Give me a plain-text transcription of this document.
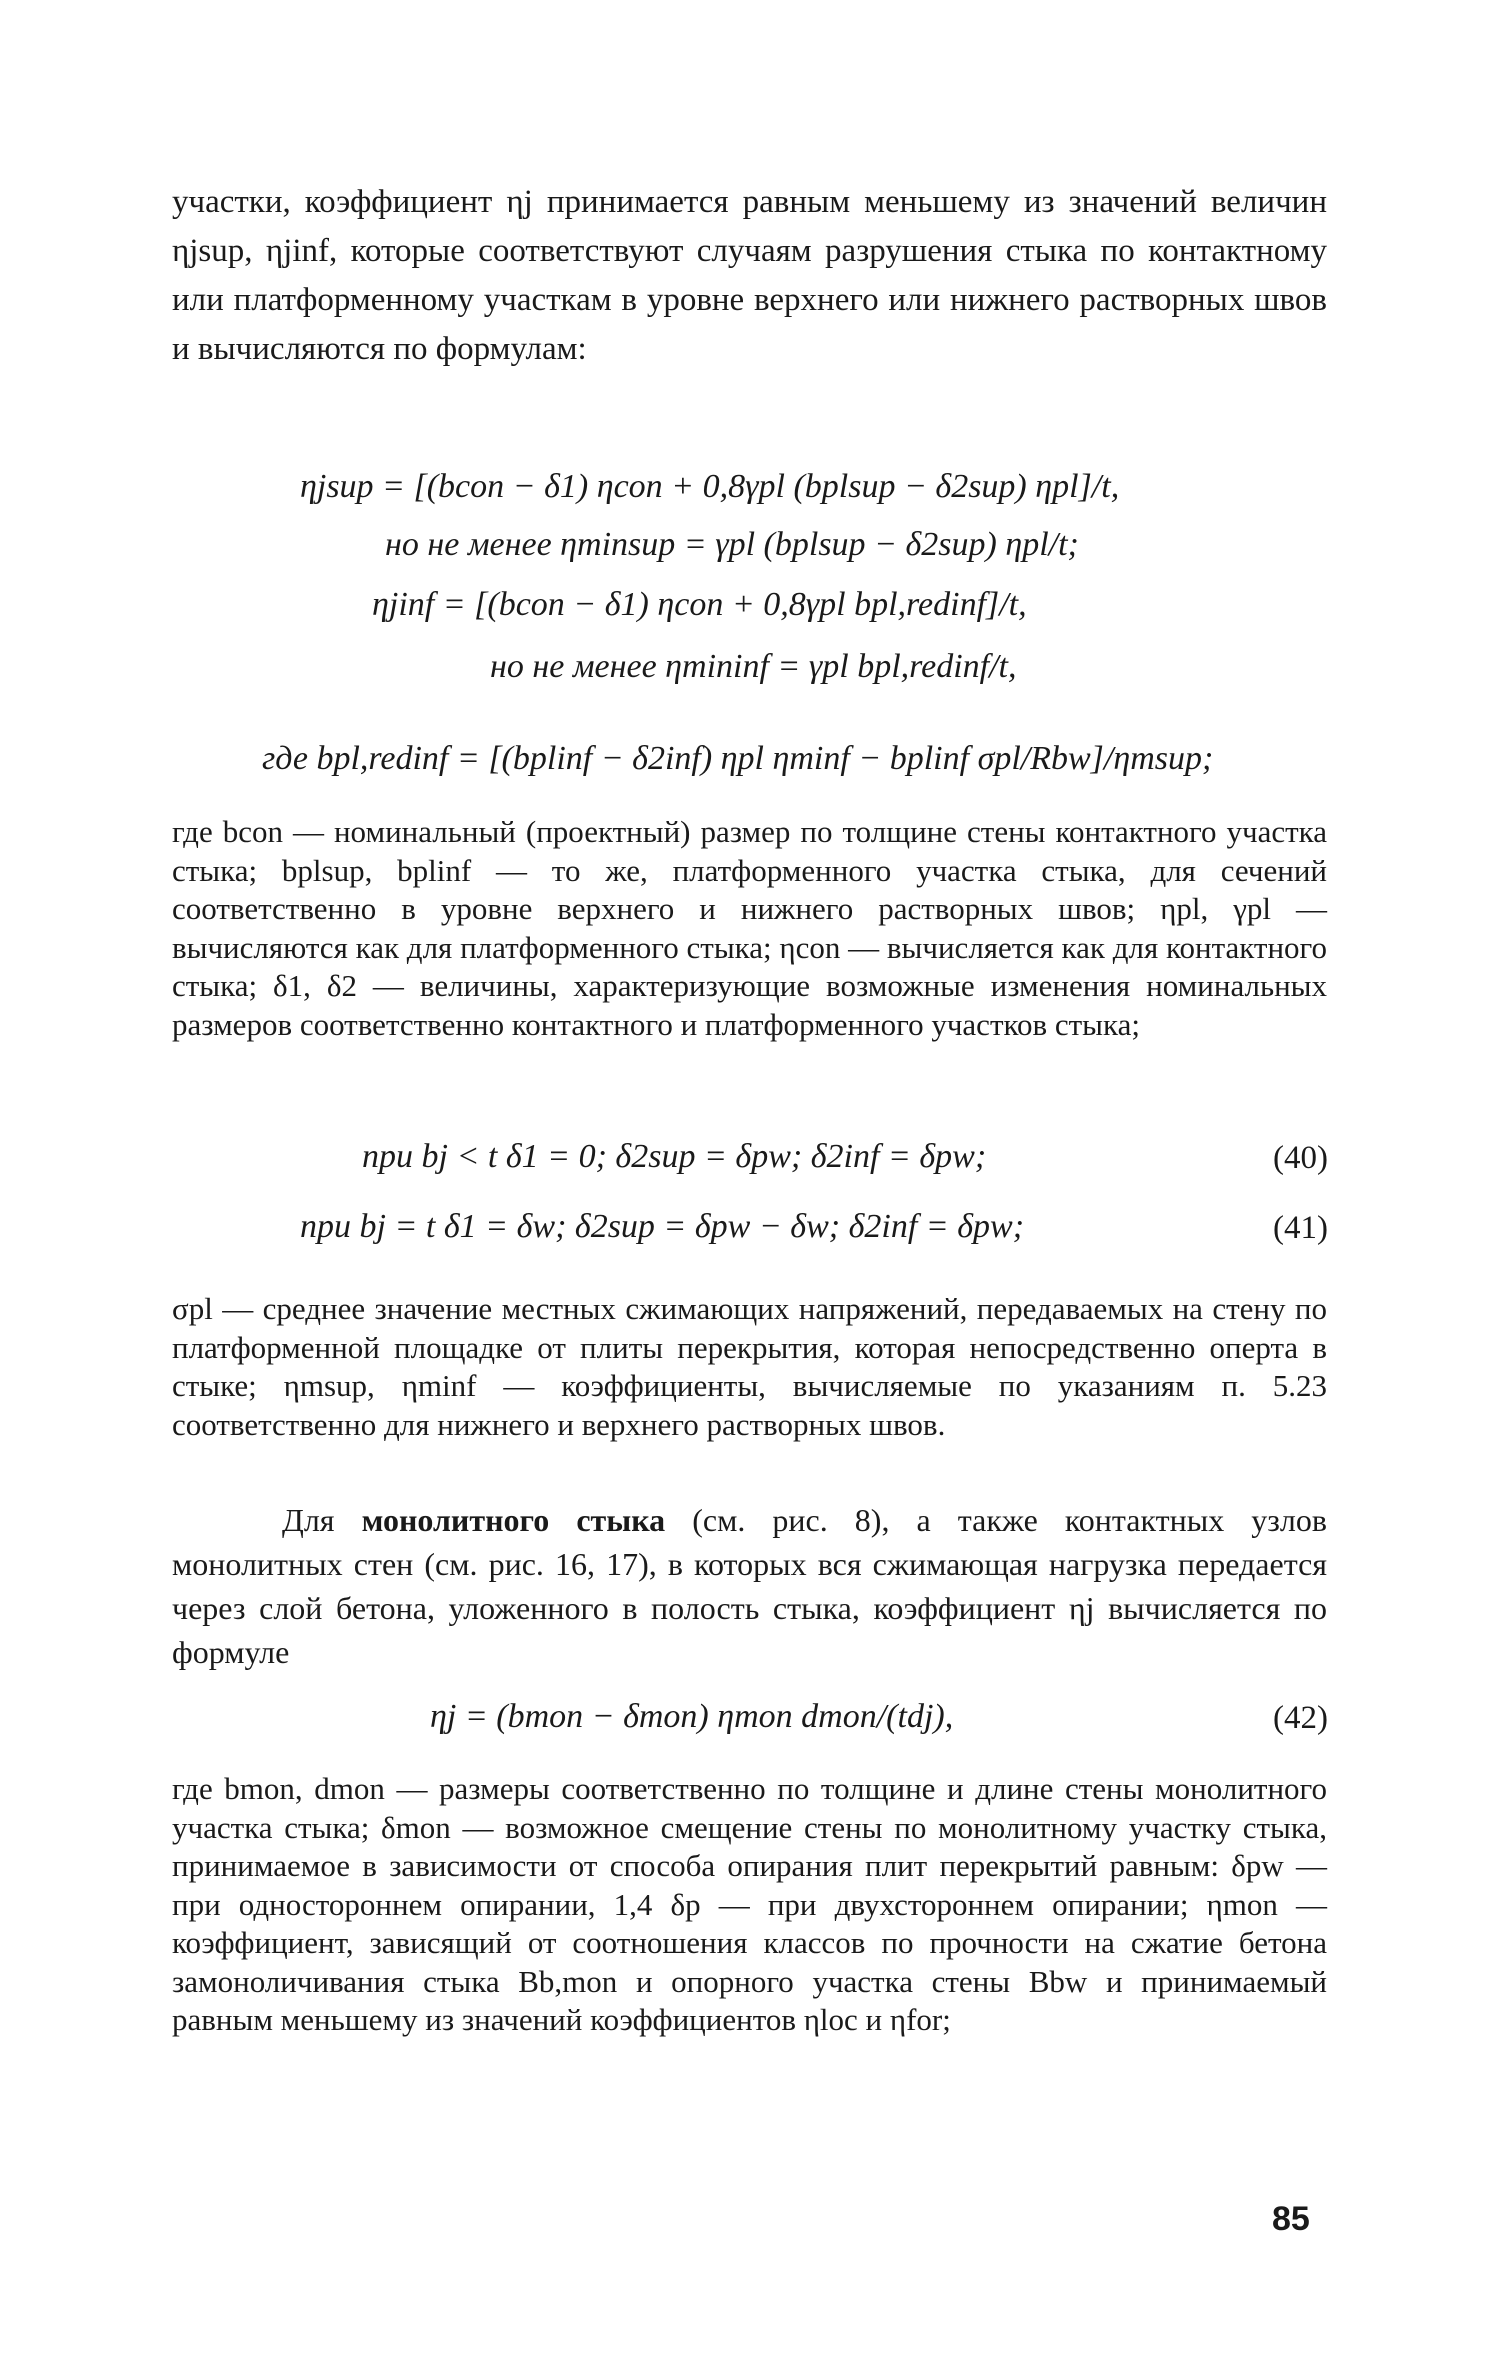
участки, коэффициент ηj принимается равным меньшему из значений величин ηjsup, ηjinf, которые соответствуют случаям разрушения стыка по контактному или платформенному участкам в уровне верхнего или нижнего растворных швов и вычисляются по формулам:
ηjsup = [(bcon − δ1) ηcon + 0,8γpl (bplsup − δ2sup) ηpl]/t,
но не менее ηminsup = γpl (bplsup − δ2sup) ηpl/t;
ηjinf = [(bcon − δ1) ηcon + 0,8γpl bpl,redinf]/t,
но не менее ηmininf = γpl bpl,redinf/t,
где bpl,redinf = [(bplinf − δ2inf) ηpl ηminf − bplinf σpl/Rbw]/ηmsup;
где bcon — номинальный (проектный) размер по толщине стены контактного участка стыка; bplsup, bplinf — то же, платформенного участка стыка, для сечений соответственно в уровне верхнего и нижнего растворных швов; ηpl, γpl — вычисляются как для платформенного стыка; ηcon — вычисляется как для контактного стыка; δ1, δ2 — величины, характеризующие возможные изменения номинальных размеров соответственно контактного и платформенного участков стыка;
при bj < t δ1 = 0; δ2sup = δpw; δ2inf = δpw;	(40)
при bj = t δ1 = δw; δ2sup = δpw − δw; δ2inf = δpw;	(41)
σpl — среднее значение местных сжимающих напряжений, передаваемых на стену по платформенной площадке от плиты перекрытия, которая непосредственно оперта в стыке; ηmsup, ηminf — коэффициенты, вычисляемые по указаниям п. 5.23 соответственно для нижнего и верхнего растворных швов.
Для монолитного стыка (см. рис. 8), а также контактных узлов монолитных стен (см. рис. 16, 17), в которых вся сжимающая нагрузка передается через слой бетона, уложенного в полость стыка, коэффициент ηj вычисляется по формуле
ηj = (bmon − δmon) ηmon dmon/(tdj),	(42)
где bmon, dmon — размеры соответственно по толщине и длине стены монолитного участка стыка; δmon — возможное смещение стены по монолитному участку стыка, принимаемое в зависимости от способа опирания плит перекрытий равным: δpw — при одностороннем опирании, 1,4 δp — при двухстороннем опирании; ηmon — коэффициент, зависящий от соотношения классов по прочности на сжатие бетона замоноличивания стыка Bb,mon и опорного участка стены Bbw и принимаемый равным меньшему из значений коэффициентов ηloc и ηfor;
85
